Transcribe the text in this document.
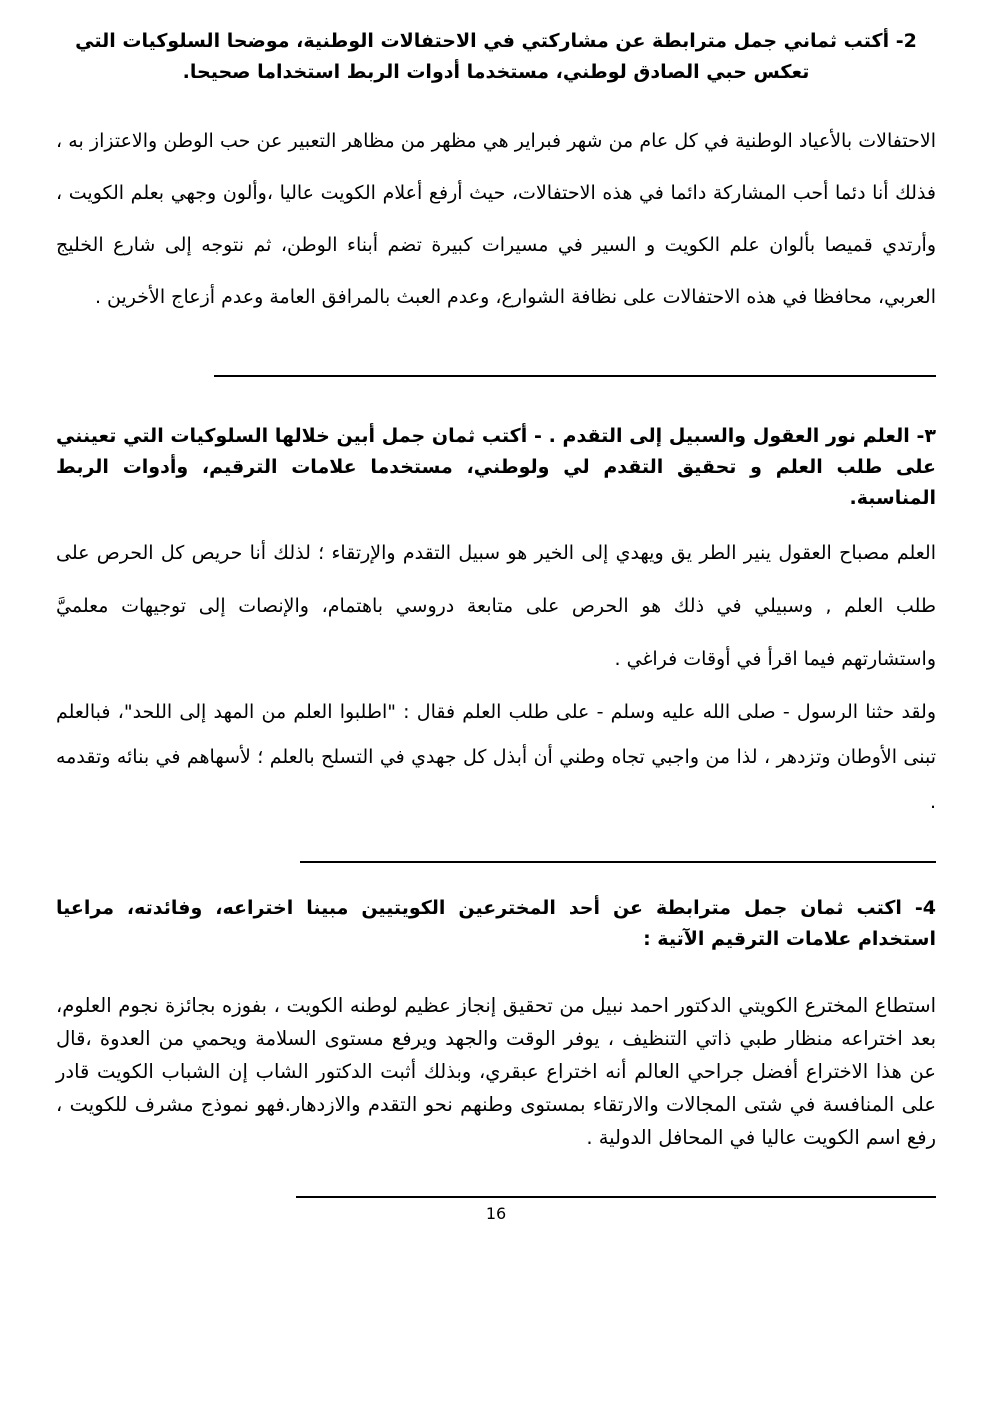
2- أكتب ثماني جمل مترابطة عن مشاركتي في الاحتفالات الوطنية، موضحا السلوكيات التي تعكس حبي الصادق لوطني، مستخدما أدوات الربط استخداما صحيحا.

الاحتفالات بالأعياد الوطنية في كل عام من شهر فبراير هي مظهر من مظاهر التعبير عن حب الوطن والاعتزاز به ، فذلك أنا دئما أحب المشاركة دائما في هذه الاحتفالات، حيث أرفع أعلام الكويت عاليا ،وألون وجهي بعلم الكويت ، وأرتدي قميصا بألوان علم الكويت و السير في مسيرات كبيرة تضم أبناء الوطن، ثم نتوجه إلى شارع الخليج العربي، محافظا في هذه الاحتفالات على نظافة الشوارع، وعدم العبث بالمرافق العامة وعدم أزعاج الأخرين .

٣- العلم نور العقول والسبيل إلى التقدم . - أكتب ثمان جمل أبين خلالها السلوكيات التي تعينني على طلب العلم و تحقيق التقدم لي ولوطني، مستخدما علامات الترقيم، وأدوات الربط المناسبة.

العلم مصباح العقول ينير الطر يق ويهدي إلى الخير هو سبيل التقدم والإرتقاء ؛ لذلك أنا حريص كل الحرص على طلب العلم , وسبيلي في ذلك هو الحرص على متابعة دروسي باهتمام، والإنصات إلى توجيهات معلميَّ واستشارتهم فيما اقرأ في أوقات فراغي .

ولقد حثنا الرسول - صلى الله عليه وسلم - على طلب العلم فقال : "اطلبوا العلم من المهد إلى اللحد"، فبالعلم تبنى الأوطان وتزدهر ، لذا من واجبي تجاه وطني أن أبذل كل جهدي في التسلح بالعلم ؛ لأسهاهم في بنائه وتقدمه .

4- اكتب ثمان جمل مترابطة عن أحد المخترعين الكويتيين مبينا اختراعه، وفائدته، مراعيا استخدام علامات الترقيم الآتية :

استطاع المخترع الكويتي الدكتور احمد نبيل من تحقيق إنجاز عظيم لوطنه الكويت ، بفوزه بجائزة نجوم العلوم، بعد اختراعه منظار طبي ذاتي التنظيف ، يوفر الوقت والجهد ويرفع مستوى السلامة ويحمي من العدوة ،قال عن هذا الاختراع أفضل جراحي العالم أنه اختراع عبقري، وبذلك أثبت الدكتور الشاب إن الشباب الكويت قادر على المنافسة في شتى المجالات والارتقاء بمستوى وطنهم نحو التقدم والازدهار.فهو نموذج مشرف للكويت ، رفع اسم الكويت عاليا في المحافل الدولية .

16
